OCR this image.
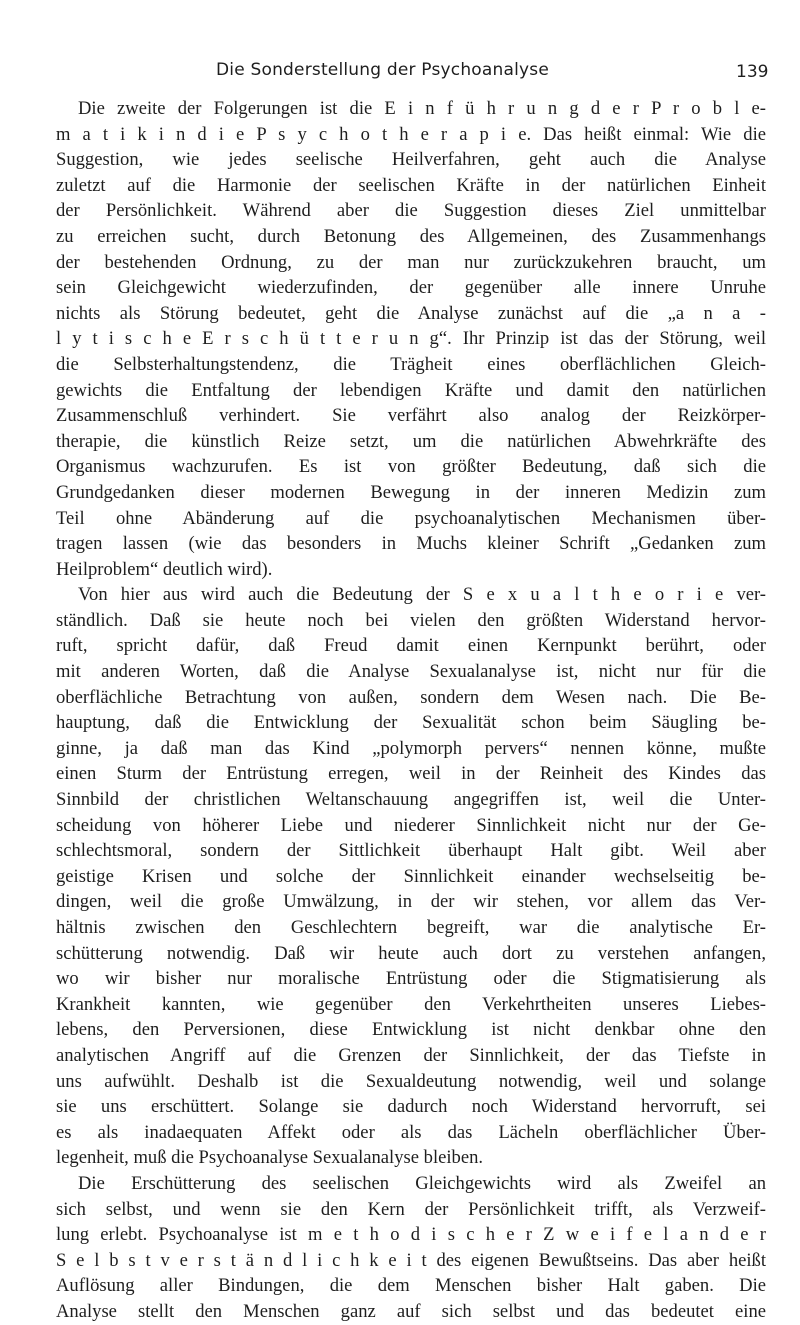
Die Sonderstellung der Psychoanalyse	139
Die zweite der Folgerungen ist die E i n f ü h r u n g d e r P r o b l e-
m a t i k i n d i e P s y c h o t h e r a p i e. Das heißt einmal: Wie die
Suggestion, wie jedes seelische Heilverfahren, geht auch die Analyse
zuletzt auf die Harmonie der seelischen Kräfte in der natürlichen Einheit
der Persönlichkeit. Während aber die Suggestion dieses Ziel unmittelbar
zu erreichen sucht, durch Betonung des Allgemeinen, des Zusammenhangs
der bestehenden Ordnung, zu der man nur zurückzukehren braucht, um
sein Gleichgewicht wiederzufinden, der gegenüber alle innere Unruhe
nichts als Störung bedeutet, geht die Analyse zunächst auf die „a n a -
l y t i s c h e E r s c h ü t t e r u n g“. Ihr Prinzip ist das der Störung, weil
die Selbsterhaltungstendenz, die Trägheit eines oberflächlichen Gleich-
gewichts die Entfaltung der lebendigen Kräfte und damit den natürlichen
Zusammenschluß verhindert. Sie verfährt also analog der Reizkörper-
therapie, die künstlich Reize setzt, um die natürlichen Abwehrkräfte des
Organismus wachzurufen. Es ist von größter Bedeutung, daß sich die
Grundgedanken dieser modernen Bewegung in der inneren Medizin zum
Teil ohne Abänderung auf die psychoanalytischen Mechanismen über-
tragen lassen (wie das besonders in Muchs kleiner Schrift „Gedanken zum
Heilproblem“ deutlich wird).
Von hier aus wird auch die Bedeutung der S e x u a l t h e o r i e ver-
ständlich. Daß sie heute noch bei vielen den größten Widerstand hervor-
ruft, spricht dafür, daß Freud damit einen Kernpunkt berührt, oder
mit anderen Worten, daß die Analyse Sexualanalyse ist, nicht nur für die
oberflächliche Betrachtung von außen, sondern dem Wesen nach. Die Be-
hauptung, daß die Entwicklung der Sexualität schon beim Säugling be-
ginne, ja daß man das Kind „polymorph pervers“ nennen könne, mußte
einen Sturm der Entrüstung erregen, weil in der Reinheit des Kindes das
Sinnbild der christlichen Weltanschauung angegriffen ist, weil die Unter-
scheidung von höherer Liebe und niederer Sinnlichkeit nicht nur der Ge-
schlechtsmoral, sondern der Sittlichkeit überhaupt Halt gibt. Weil aber
geistige Krisen und solche der Sinnlichkeit einander wechselseitig be-
dingen, weil die große Umwälzung, in der wir stehen, vor allem das Ver-
hältnis zwischen den Geschlechtern begreift, war die analytische Er-
schütterung notwendig. Daß wir heute auch dort zu verstehen anfangen,
wo wir bisher nur moralische Entrüstung oder die Stigmatisierung als
Krankheit kannten, wie gegenüber den Verkehrtheiten unseres Liebes-
lebens, den Perversionen, diese Entwicklung ist nicht denkbar ohne den
analytischen Angriff auf die Grenzen der Sinnlichkeit, der das Tiefste in
uns aufwühlt. Deshalb ist die Sexualdeutung notwendig, weil und solange
sie uns erschüttert. Solange sie dadurch noch Widerstand hervorruft, sei
es als inadaequaten Affekt oder als das Lächeln oberflächlicher Über-
legenheit, muß die Psychoanalyse Sexualanalyse bleiben.
Die Erschütterung des seelischen Gleichgewichts wird als Zweifel an
sich selbst, und wenn sie den Kern der Persönlichkeit trifft, als Verzweif-
lung erlebt. Psychoanalyse ist m e t h o d i s c h e r Z w e i f e l a n d e r
S e l b s t v e r s t ä n d l i c h k e i t des eigenen Bewußtseins. Das aber heißt
Auflösung aller Bindungen, die dem Menschen bisher Halt gaben. Die
Analyse stellt den Menschen ganz auf sich selbst und das bedeutet eine
